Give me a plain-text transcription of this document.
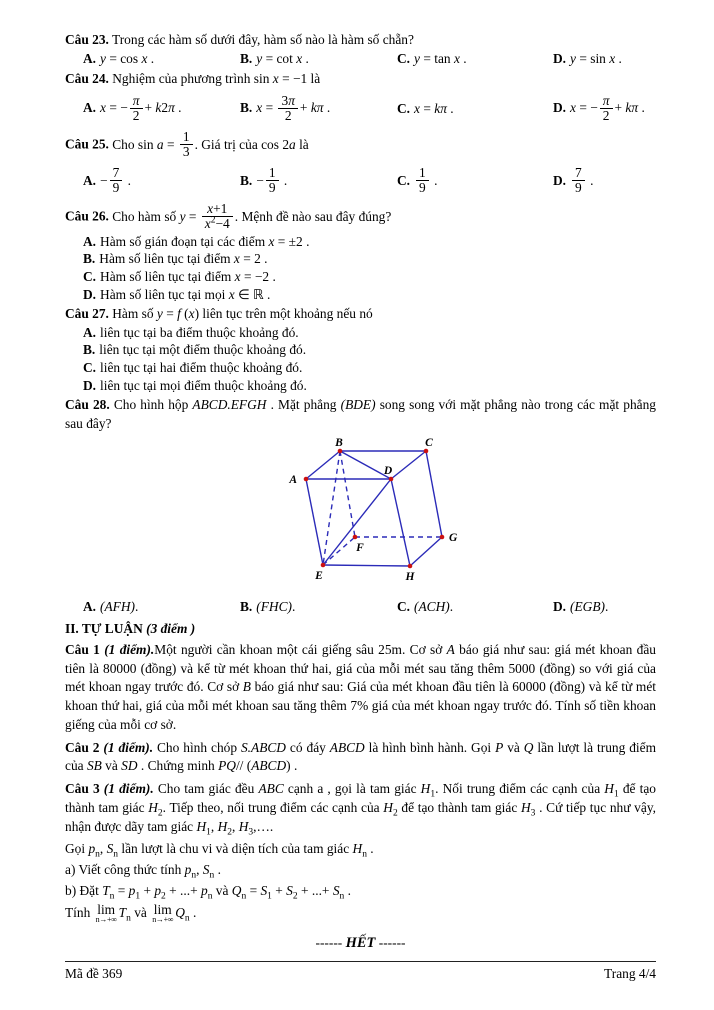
Câu 23. Trong các hàm số dưới đây, hàm số nào là hàm số chẵn?

A. y = cos x .	B. y = cot x .	C. y = tan x .	D. y = sin x .

Câu 24. Nghiệm của phương trình sin x = −1 là

A. x = − $\frac{\pi}{2} + k2\pi$ .	B. $x = \frac{3\pi}{2} + k\pi$ .	C. x = kπ .	D. x = − $\frac{\pi}{2} + k\pi$ .

Câu 25. Cho $\sin a = \frac{1}{3}$ . Giá trị của cos 2a là

A. − $\frac{7}{9}$ .	B. − $\frac{1}{9}$ .	C. $\frac{1}{9}$ .	D. $\frac{7}{9}$ .

Câu 26. Cho hàm số $y = \frac{x+1}{x^2-4}$ . Mệnh đề nào sau đây đúng?

A. Hàm số gián đoạn tại các điểm x = ±2 .
B. Hàm số liên tục tại điểm x = 2 .
C. Hàm số liên tục tại điểm x = −2 .
D. Hàm số liên tục tại mọi x ∈ ℝ .

Câu 27. Hàm số y = f (x) liên tục trên một khoảng nếu nó

A. liên tục tại ba điểm thuộc khoảng đó.
B. liên tục tại một điểm thuộc khoảng đó.
C. liên tục tại hai điểm thuộc khoảng đó.
D. liên tục tại mọi điểm thuộc khoảng đó.

Câu 28. Cho hình hộp ABCD.EFGH . Mặt phẳng (BDE) song song với mặt phẳng nào trong các mặt phẳng sau đây?

A
B	C
D
E
F
G
H
A. (AFH).	B. (FHC).	C. (ACH).	D. (EGB).

II. TỰ LUẬN (3 điểm )

Câu 1 (1 điểm).Một người cần khoan một cái giếng sâu 25m. Cơ sở A báo giá như sau: giá mét khoan đầu tiên là 80000 (đồng) và kể từ mét khoan thứ hai, giá của mỗi mét sau tăng thêm 5000 (đồng) so với giá của mét khoan ngay trước đó. Cơ sở B báo giá như sau: Giá của mét khoan đầu tiên là 60000 (đồng) và kể từ mét khoan thứ hai, giá của mỗi mét khoan sau tăng thêm 7% giá của mét khoan ngay trước đó. Tính số tiền khoan giếng của mỗi cơ sở.

Câu 2 (1 điểm). Cho hình chóp S.ABCD có đáy ABCD là hình bình hành. Gọi P và Q lần lượt là trung điểm của SB và SD . Chứng minh PQ// (ABCD) .

Câu 3 (1 điểm). Cho tam giác đều ABC cạnh a , gọi là tam giác $H_1$. Nối trung điểm các cạnh của $H_1$ để tạo thành tam giác $H_2$. Tiếp theo, nối trung điểm các cạnh của $H_2$ để tạo thành tam giác $H_3$ . Cứ tiếp tục như vậy, nhận được dãy tam giác $H_1$, $H_2$, $H_3,\dots$.

Gọi $p_n$, $S_n$ lần lượt là chu vi và diện tích của tam giác $H_n$ .

a) Viết công thức tính $p_n$, $S_n$ .

b) Đặt $T_n = p_1 + p_2$ + ...+ $p_n$ và $Q_n = S_1 + S_2$ + ...+ $S_n$ .

Tính lim
n→+∞
$T_n$ và lim
n→+∞
$Q_n$ .

------ HẾT ------

Mã đề 369	Trang 4/4
